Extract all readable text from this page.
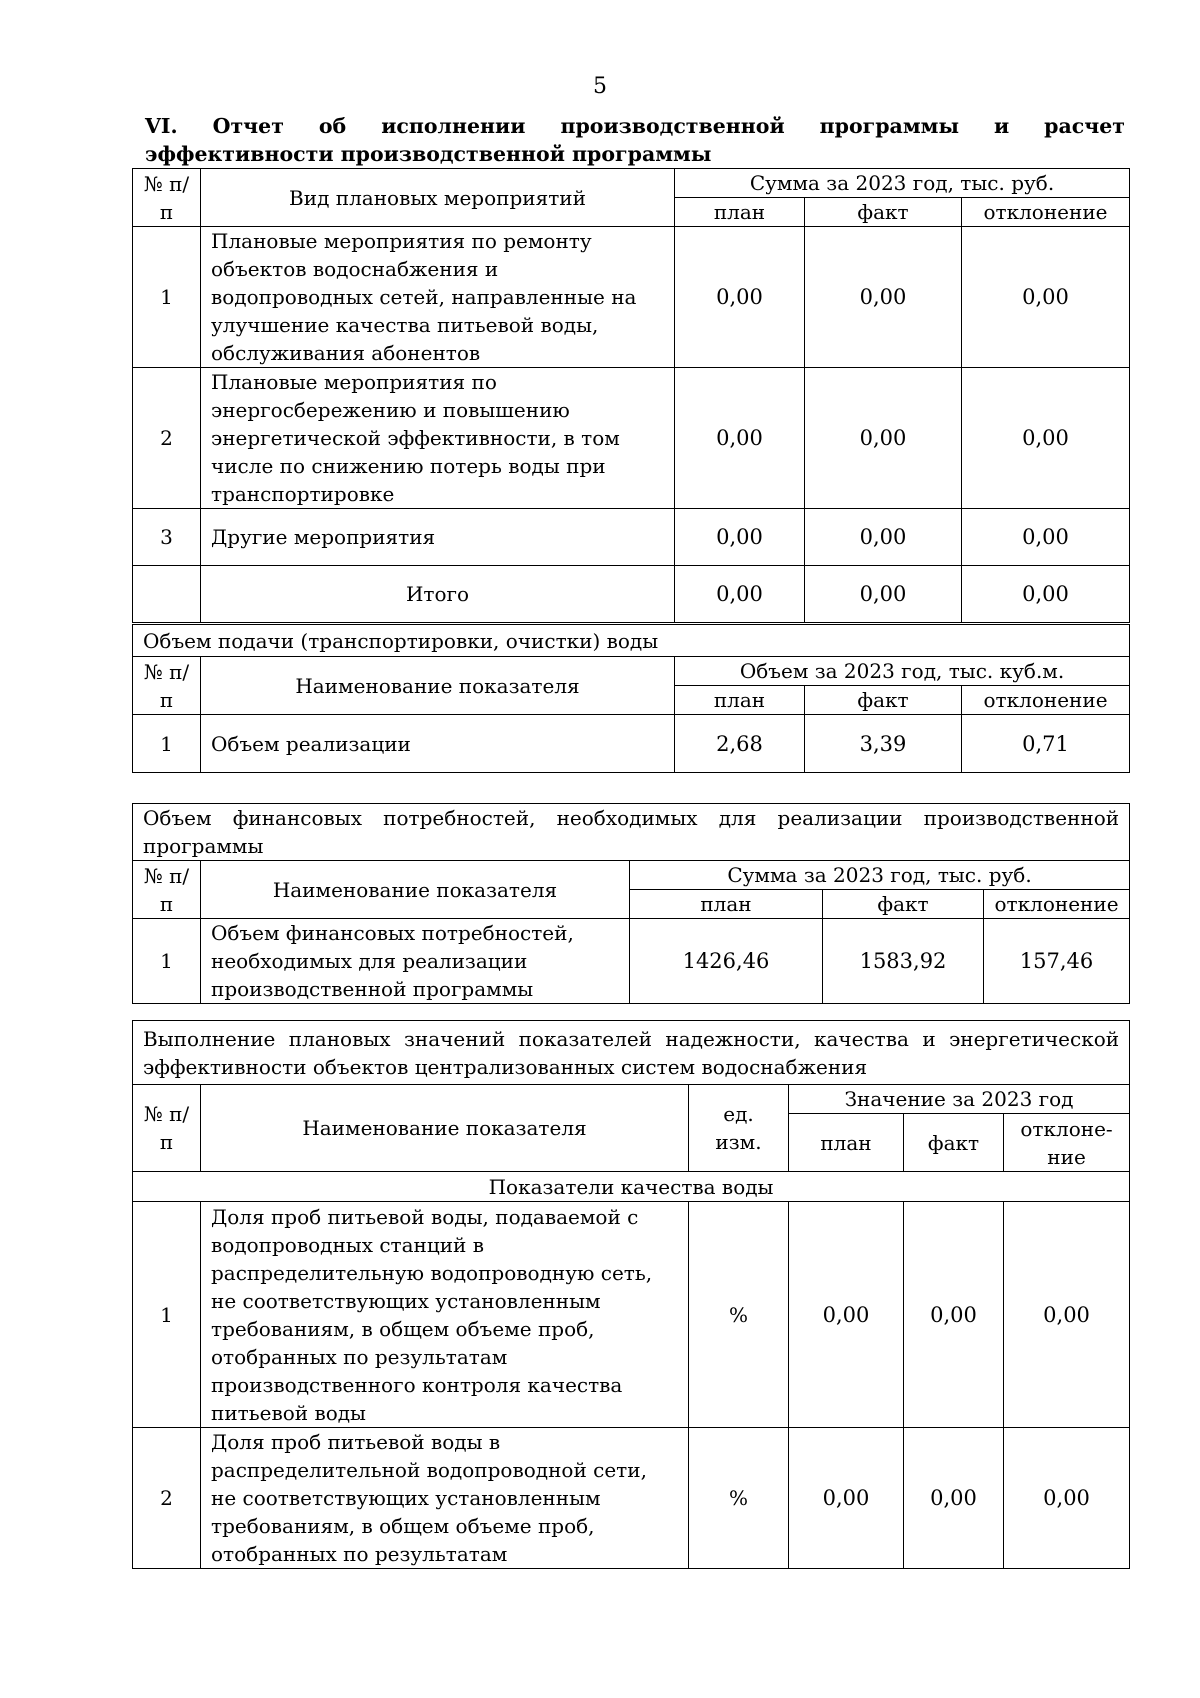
5
VI. Отчет об исполнении производственной программы и расчет эффективности производственной программы
№ п/п	Вид плановых мероприятий	Сумма за 2023 год, тыс. руб.		
		план	факт	отклонение
1	Плановые мероприятия по ремонту объектов водоснабжения и водопроводных сетей, направленные на улучшение качества питьевой воды, обслуживания абонентов	0,00	0,00	0,00
2	Плановые мероприятия по энергосбережению и повышению энергетической эффективности, в том числе по снижению потерь воды при транспортировке	0,00	0,00	0,00
3	Другие мероприятия	0,00	0,00	0,00
	Итого	0,00	0,00	0,00
Объем подачи (транспортировки, очистки) воды				
№ п/п	Наименование показателя	Объем за 2023 год, тыс. куб.м.		
		план	факт	отклонение
1	Объем реализации	2,68	3,39	0,71
Объем финансовых потребностей, необходимых для реализации производственной программы				

№ п/п	Наименование показателя	Сумма за 2023 год, тыс. руб.		
		план	факт	отклонение
1	Объем финансовых потребностей, необходимых для реализации производственной программы	1426,46	1583,92	157,46
Выполнение плановых значений показателей надежности, качества и энергетической эффективности объектов централизованных систем водоснабжения					

№ п/п	Наименование показателя	ед. изм.	Значение за 2023 год		
			план	факт	отклоне-ние
Показатели качества воды					
1	Доля проб питьевой воды, подаваемой с водопроводных станций в распределительную водопроводную сеть, не соответствующих установленным требованиям, в общем объеме проб, отобранных по результатам производственного контроля качества питьевой воды	%	0,00	0,00	0,00
2	Доля проб питьевой воды в распределительной водопроводной сети, не соответствующих установленным требованиям, в общем объеме проб, отобранных по результатам	%	0,00	0,00	0,00
